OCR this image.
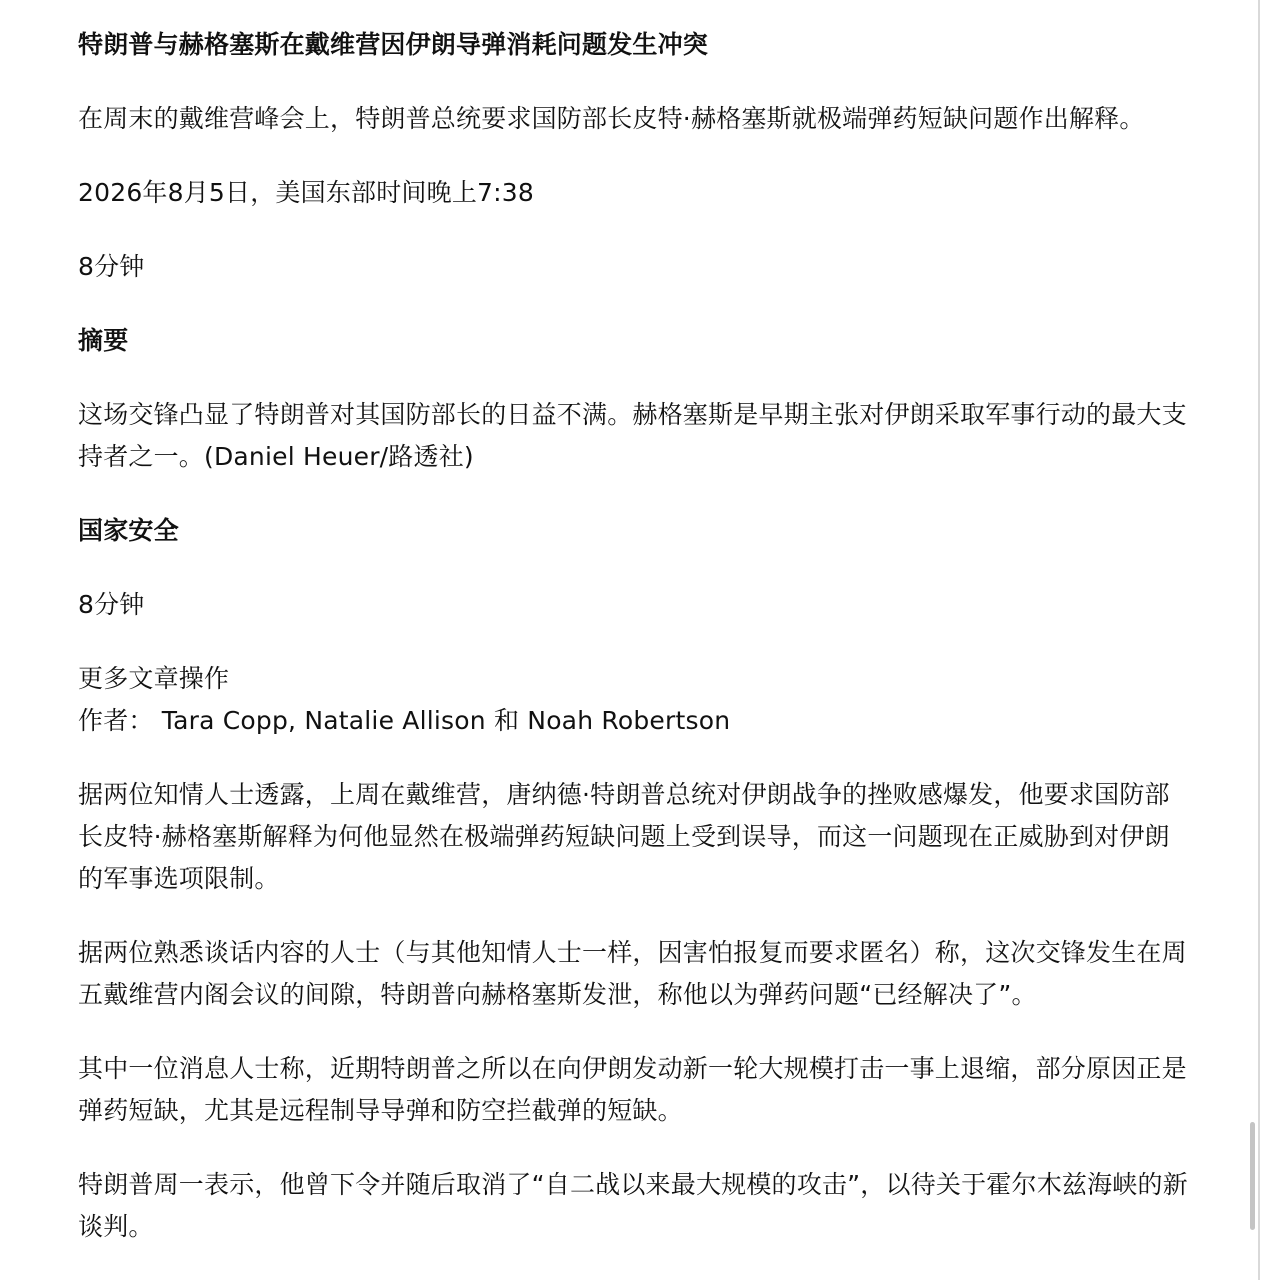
特朗普与赫格塞斯在戴维营因伊朗导弹消耗问题发生冲突

在周末的戴维营峰会上，特朗普总统要求国防部长皮特·赫格塞斯就极端弹药短缺问题作出解释。

2026年8月5日，美国东部时间晚上7:38

8分钟

摘要

这场交锋凸显了特朗普对其国防部长的日益不满。赫格塞斯是早期主张对伊朗采取军事行动的最大支持者之一。(Daniel Heuer/路透社)

国家安全

8分钟

更多文章操作

作者： Tara Copp, Natalie Allison 和 Noah Robertson

据两位知情人士透露，上周在戴维营，唐纳德·特朗普总统对伊朗战争的挫败感爆发，他要求国防部长皮特·赫格塞斯解释为何他显然在极端弹药短缺问题上受到误导，而这一问题现在正威胁到对伊朗的军事选项限制。

据两位熟悉谈话内容的人士（与其他知情人士一样，因害怕报复而要求匿名）称，这次交锋发生在周五戴维营内阁会议的间隙，特朗普向赫格塞斯发泄，称他以为弹药问题“已经解决了”。

其中一位消息人士称，近期特朗普之所以在向伊朗发动新一轮大规模打击一事上退缩，部分原因正是弹药短缺，尤其是远程制导导弹和防空拦截弹的短缺。

特朗普周一表示，他曾下令并随后取消了“自二战以来最大规模的攻击”，以待关于霍尔木兹海峡的新谈判。
